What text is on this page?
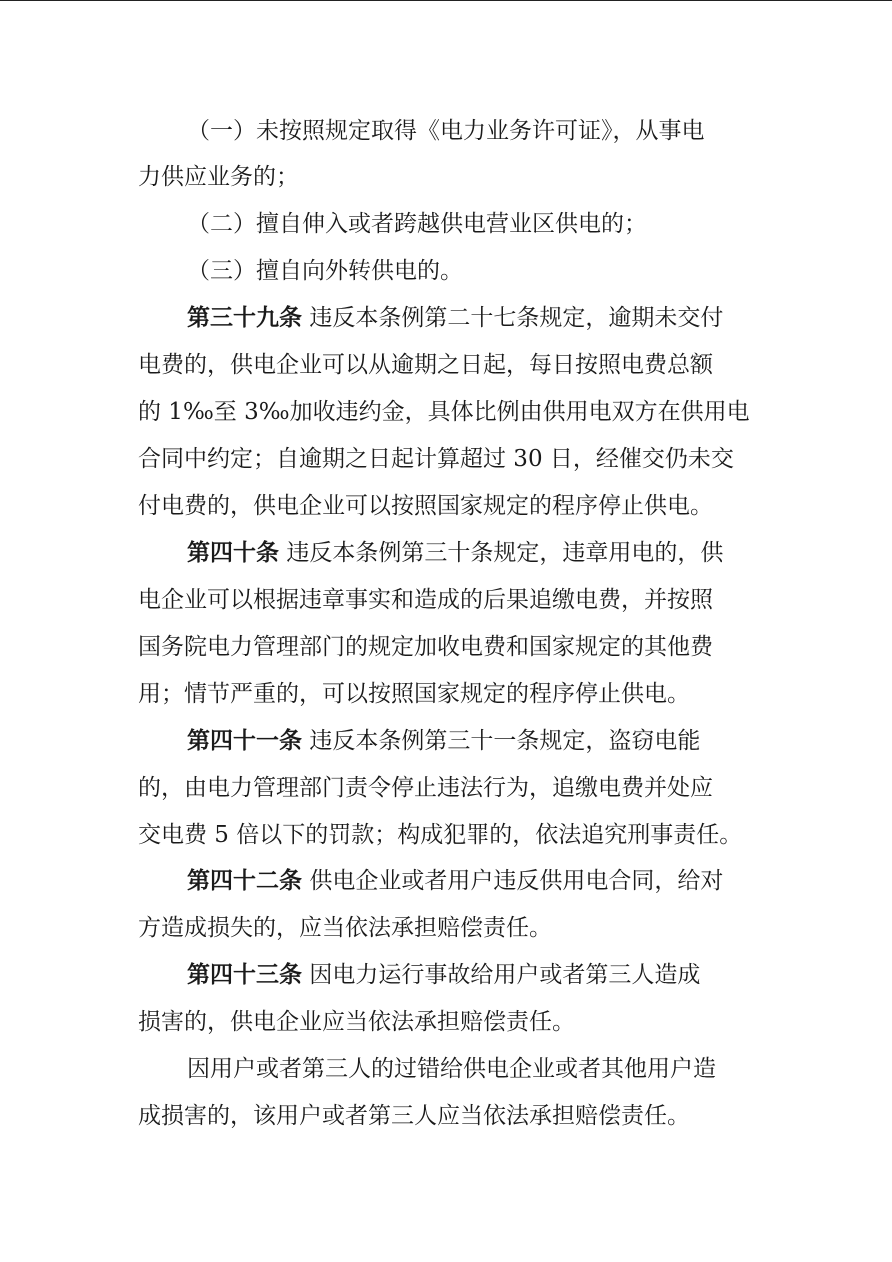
（一）未按照规定取得《电力业务许可证》，从事电
力供应业务的；
（二）擅自伸入或者跨越供电营业区供电的；
（三）擅自向外转供电的。
第三十九条 违反本条例第二十七条规定，逾期未交付
电费的，供电企业可以从逾期之日起，每日按照电费总额
的 1‰至 3‰加收违约金，具体比例由供用电双方在供用电
合同中约定；自逾期之日起计算超过 30 日，经催交仍未交
付电费的，供电企业可以按照国家规定的程序停止供电。
第四十条 违反本条例第三十条规定，违章用电的，供
电企业可以根据违章事实和造成的后果追缴电费，并按照
国务院电力管理部门的规定加收电费和国家规定的其他费
用；情节严重的，可以按照国家规定的程序停止供电。
第四十一条 违反本条例第三十一条规定，盗窃电能
的，由电力管理部门责令停止违法行为，追缴电费并处应
交电费 5 倍以下的罚款；构成犯罪的，依法追究刑事责任。
第四十二条 供电企业或者用户违反供用电合同，给对
方造成损失的，应当依法承担赔偿责任。
第四十三条 因电力运行事故给用户或者第三人造成
损害的，供电企业应当依法承担赔偿责任。
因用户或者第三人的过错给供电企业或者其他用户造
成损害的，该用户或者第三人应当依法承担赔偿责任。
